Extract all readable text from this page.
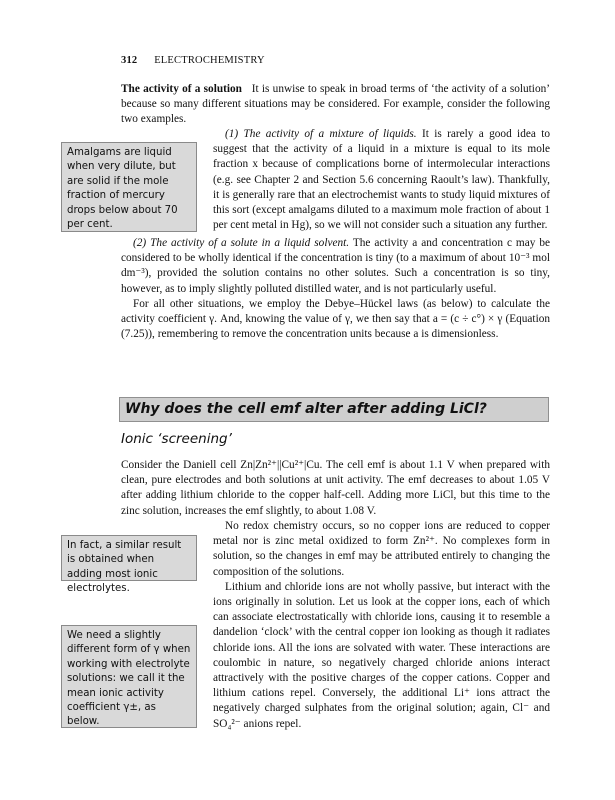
312 ELECTROCHEMISTRY

The activity of a solution It is unwise to speak in broad terms of ‘the activity of a solution’ because so many different situations may be considered. For example, consider the following two examples.

(1) The activity of a mixture of liquids. It is rarely a good idea to suggest that the activity of a liquid in a mixture is equal to its mole fraction x because of complications borne of intermolecular interactions (e.g. see Chapter 2 and Section 5.6 concerning Raoult’s law). Thankfully, it is generally rare that an electrochemist wants to study liquid mixtures of this sort (except amalgams diluted to a maximum mole fraction of about 1 per cent metal in Hg), so we will not consider such a situation any further.

Amalgams are liquid when very dilute, but are solid if the mole fraction of mercury drops below about 70 per cent.

(2) The activity of a solute in a liquid solvent. The activity a and concentration c may be considered to be wholly identical if the concentration is tiny (to a maximum of about 10⁻³ mol dm⁻³), provided the solution contains no other solutes. Such a concentration is so tiny, however, as to imply slightly polluted distilled water, and is not particularly useful.

For all other situations, we employ the Debye–Hückel laws (as below) to calculate the activity coefficient γ. And, knowing the value of γ, we then say that a = (c ÷ c°) × γ (Equation (7.25)), remembering to remove the concentration units because a is dimensionless.

Why does the cell emf alter after adding LiCl?
Ionic ‘screening’

Consider the Daniell cell Zn|Zn²⁺||Cu²⁺|Cu. The cell emf is about 1.1 V when prepared with clean, pure electrodes and both solutions at unit activity. The emf decreases to about 1.05 V after adding lithium chloride to the copper half-cell. Adding more LiCl, but this time to the zinc solution, increases the emf slightly, to about 1.08 V.

No redox chemistry occurs, so no copper ions are reduced to copper metal nor is zinc metal oxidized to form Zn²⁺. No complexes form in solution, so the changes in emf may be attributed entirely to changing the composition of the solutions.

Lithium and chloride ions are not wholly passive, but interact with the ions originally in solution. Let us look at the copper ions, each of which can associate electrostatically with chloride ions, causing it to resemble a dandelion ‘clock’ with the central copper ion looking as though it radiates chloride ions. All the ions are solvated with water. These interactions are coulombic in nature, so negatively charged chloride anions interact attractively with the positive charges of the copper cations. Copper and lithium cations repel. Conversely, the additional Li⁺ ions attract the negatively charged sulphates from the original solution; again, Cl⁻ and SO₄²⁻ anions repel.

In fact, a similar result is obtained when adding most ionic electrolytes.
We need a slightly different form of γ when working with electrolyte solutions: we call it the mean ionic activity coefficient γ±, as below.
